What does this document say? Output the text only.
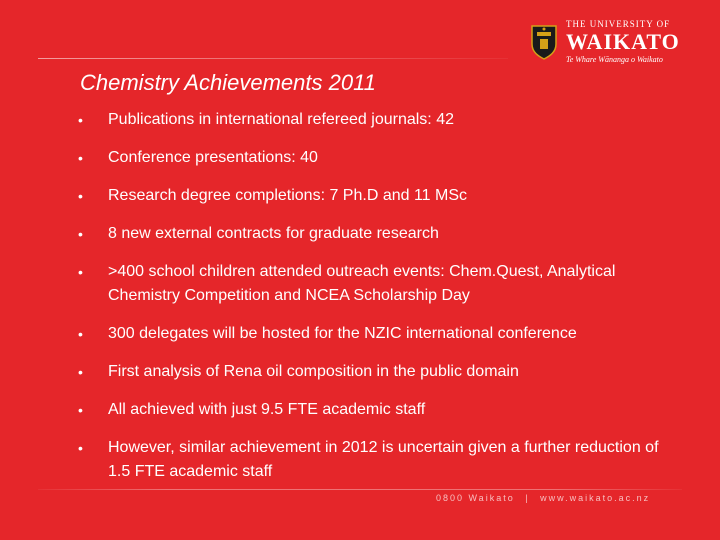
THE UNIVERSITY OF
WAIKATO
Te Whare Wānanga o Waikato
Chemistry Achievements 2011
•	Publications in international refereed journals: 42
•	Conference presentations: 40
•	Research degree completions: 7 Ph.D and 11 MSc
•	8 new external contracts for graduate research
•	>400 school children attended outreach events: Chem.Quest, Analytical Chemistry Competition and NCEA Scholarship Day
•	300 delegates will be hosted for the NZIC international conference
•	First analysis of Rena oil composition in the public domain
•	All achieved with just 9.5 FTE academic staff
•	However, similar achievement in 2012 is uncertain given a further reduction of 1.5 FTE academic staff
0800 Waikato | www.waikato.ac.nz
